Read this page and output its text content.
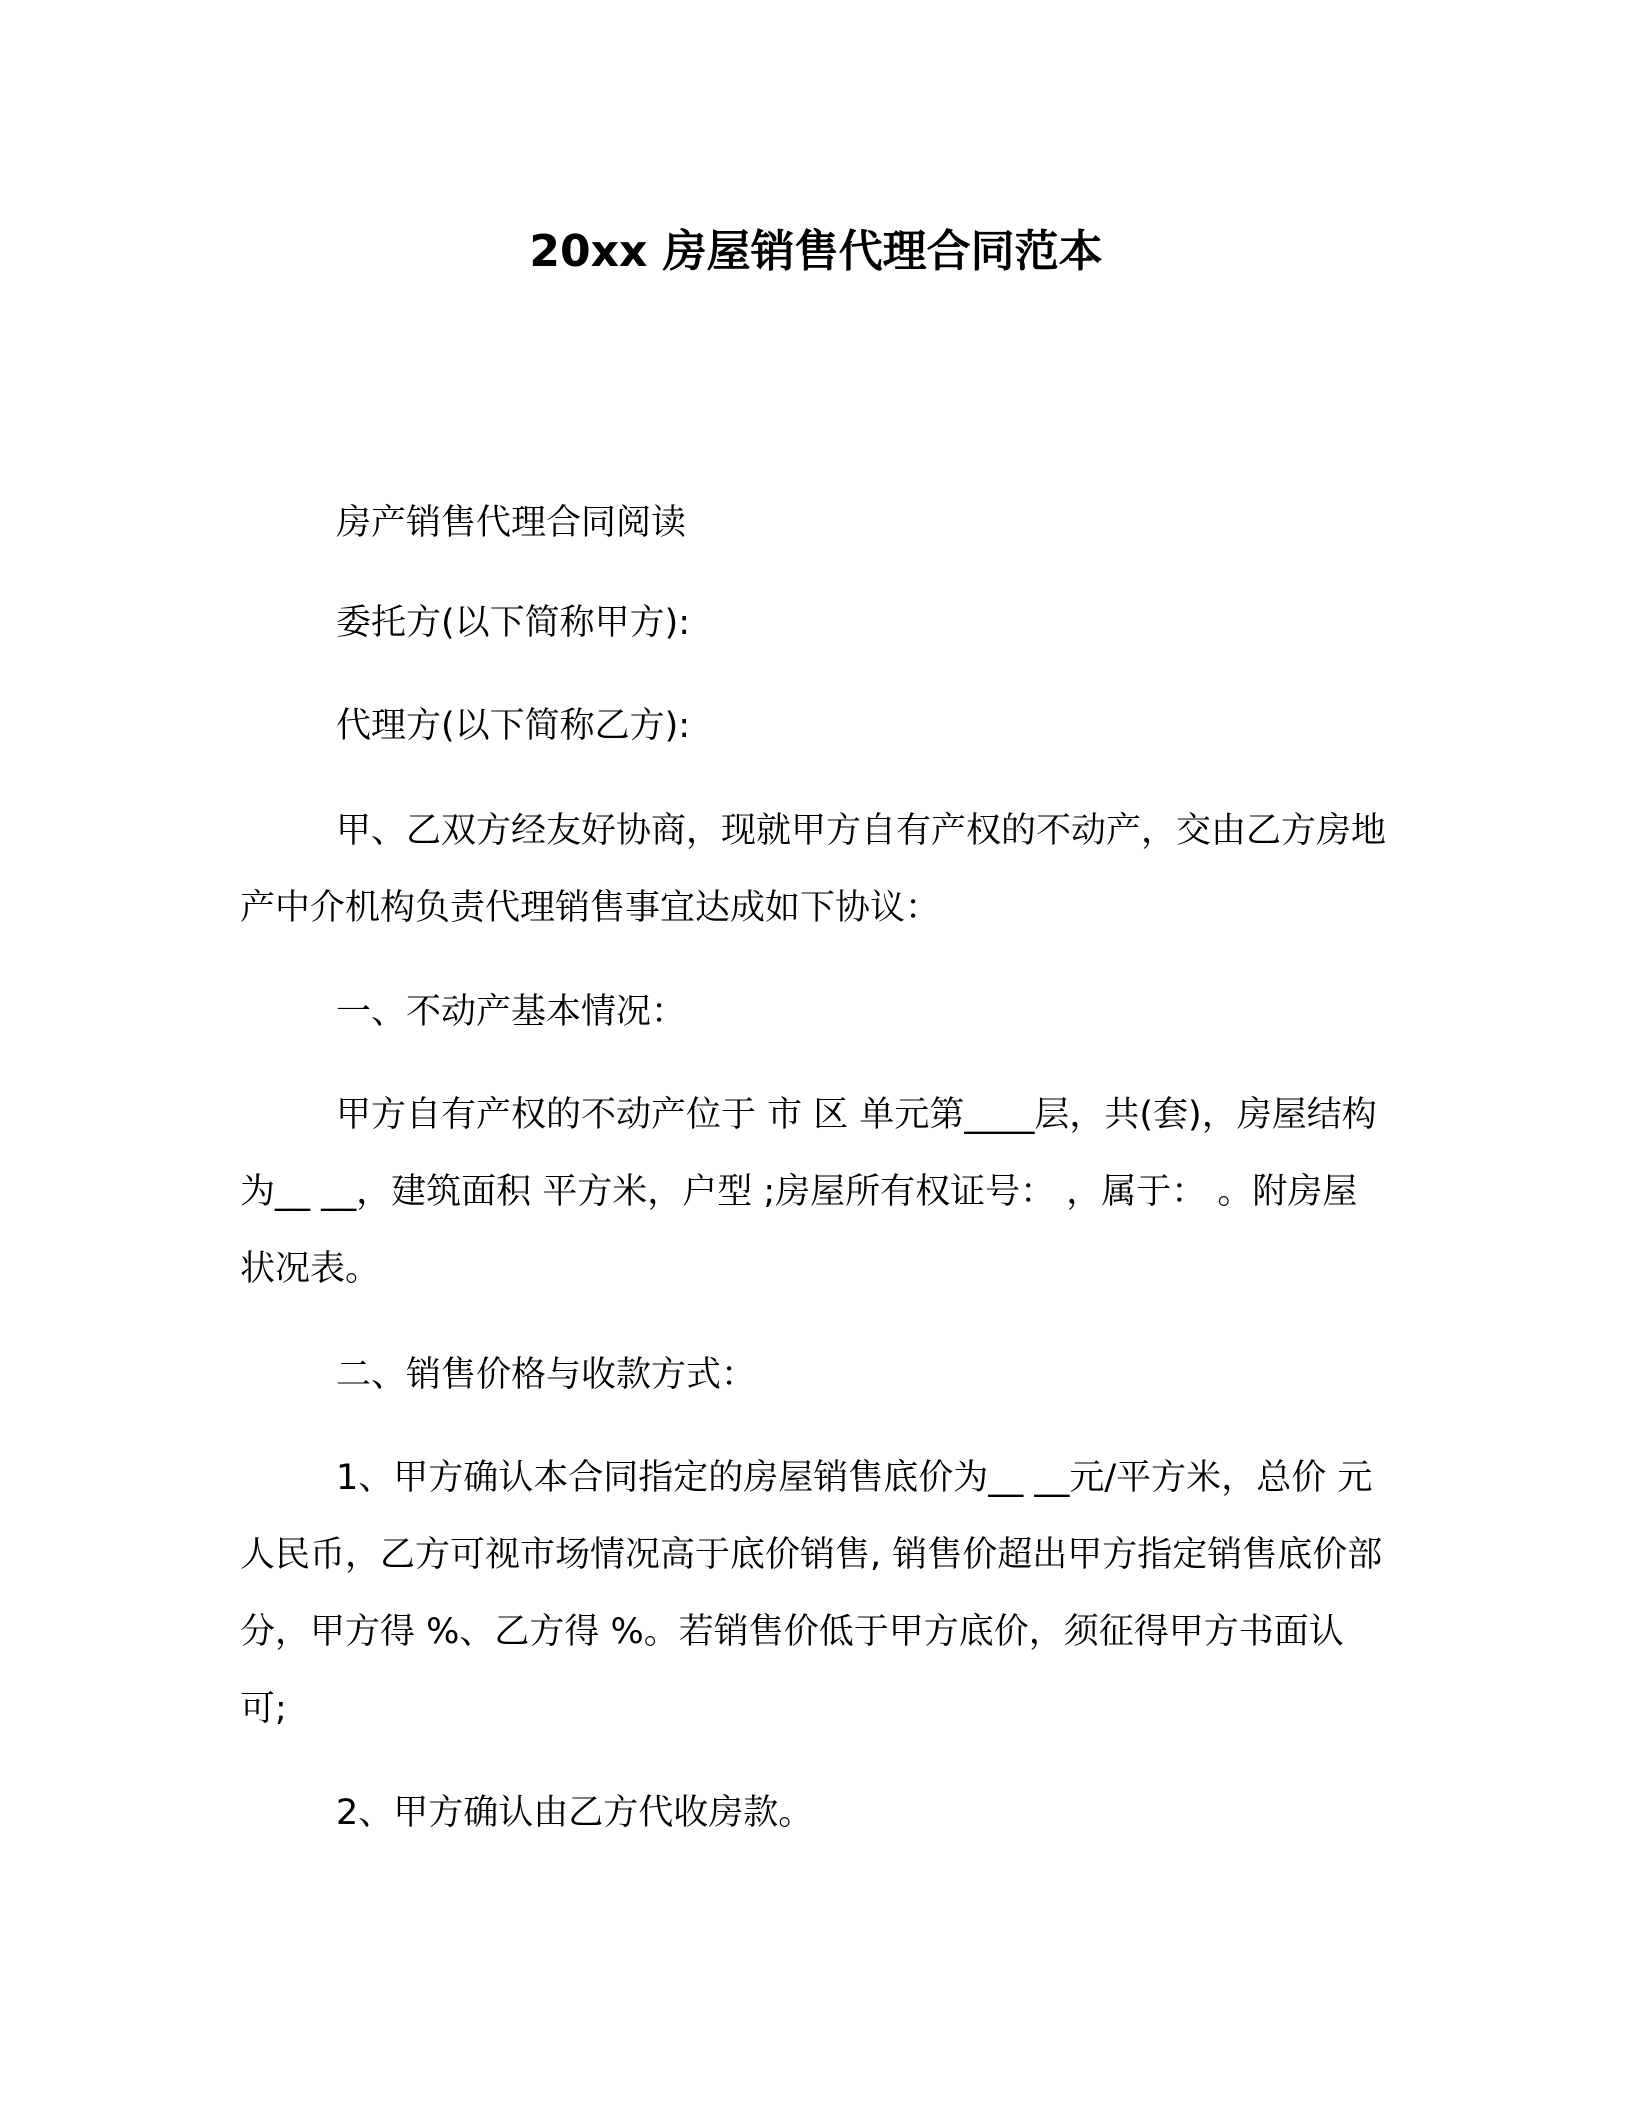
20xx 房屋销售代理合同范本

房产销售代理合同阅读

委托方(以下简称甲方):

代理方(以下简称乙方):

甲、乙双方经友好协商，现就甲方自有产权的不动产，交由乙方房地产中介机构负责代理销售事宜达成如下协议：

一、不动产基本情况：

甲方自有产权的不动产位于 市 区 单元第____层，共(套)，房屋结构为__ __，建筑面积 平方米，户型 ;房屋所有权证号： ，属于： 。附房屋状况表。

二、销售价格与收款方式：

1、甲方确认本合同指定的房屋销售底价为__ __元/平方米，总价 元人民币，乙方可视市场情况高于底价销售, 销售价超出甲方指定销售底价部分，甲方得 %、乙方得 %。若销售价低于甲方底价，须征得甲方书面认可;

2、甲方确认由乙方代收房款。
